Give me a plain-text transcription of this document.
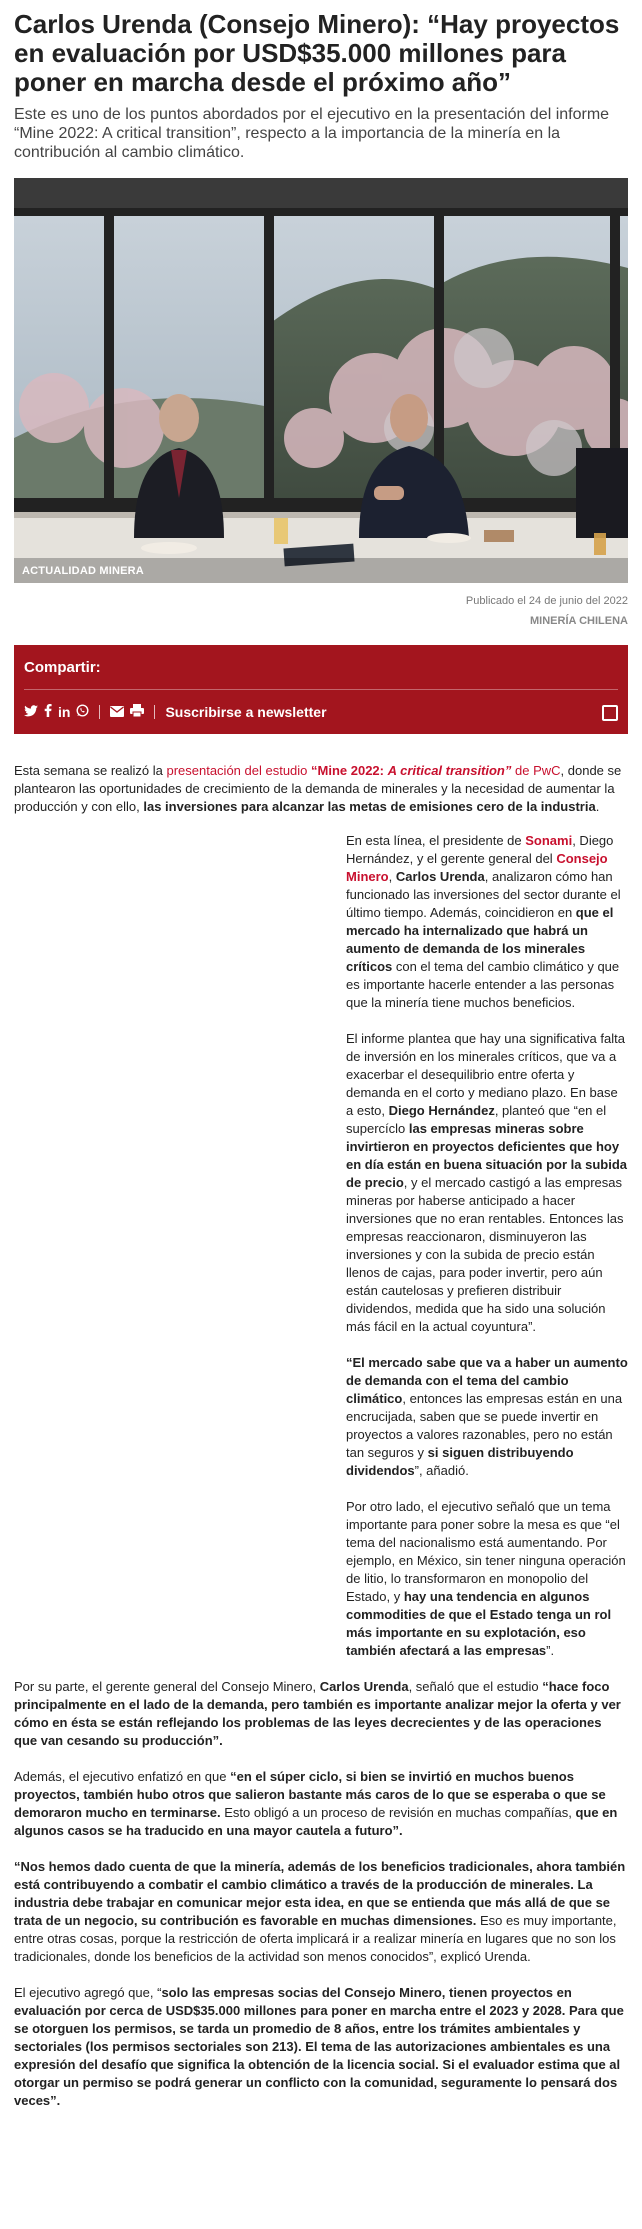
Carlos Urenda (Consejo Minero): “Hay proyectos en evaluación por USD$35.000 millones para poner en marcha desde el próximo año”

Este es uno de los puntos abordados por el ejecutivo en la presentación del informe “Mine 2022: A critical transition”, respecto a la importancia de la minería en la contribución al cambio climático.

ACTUALIDAD MINERA
Publicado el 24 de junio del 2022
MINERÍA CHILENA
Compartir:
in	Suscribirse a newsletter

Esta semana se realizó la presentación del estudio “Mine 2022: A critical transition” de PwC, donde se plantearon las oportunidades de crecimiento de la demanda de minerales y la necesidad de aumentar la producción y con ello, las inversiones para alcanzar las metas de emisiones cero de la industria.

En esta línea, el presidente de Sonami, Diego Hernández, y el gerente general del Consejo Minero, Carlos Urenda, analizaron cómo han funcionado las inversiones del sector durante el último tiempo. Además, coincidieron en que el mercado ha internalizado que habrá un aumento de demanda de los minerales críticos con el tema del cambio climático y que es importante hacerle entender a las personas que la minería tiene muchos beneficios.

El informe plantea que hay una significativa falta de inversión en los minerales críticos, que va a exacerbar el desequilibrio entre oferta y demanda en el corto y mediano plazo. En base a esto, Diego Hernández, planteó que “en el supercíclo las empresas mineras sobre invirtieron en proyectos deficientes que hoy en día están en buena situación por la subida de precio, y el mercado castigó a las empresas mineras por haberse anticipado a hacer inversiones que no eran rentables. Entonces las empresas reaccionaron, disminuyeron las inversiones y con la subida de precio están llenos de cajas, para poder invertir, pero aún están cautelosas y prefieren distribuir dividendos, medida que ha sido una solución más fácil en la actual coyuntura”.

“El mercado sabe que va a haber un aumento de demanda con el tema del cambio climático, entonces las empresas están en una encrucijada, saben que se puede invertir en proyectos a valores razonables, pero no están tan seguros y si siguen distribuyendo dividendos”, añadió.

Por otro lado, el ejecutivo señaló que un tema importante para poner sobre la mesa es que “el tema del nacionalismo está aumentando. Por ejemplo, en México, sin tener ninguna operación de litio, lo transformaron en monopolio del Estado, y hay una tendencia en algunos commodities de que el Estado tenga un rol más importante en su explotación, eso también afectará a las empresas”.

Por su parte, el gerente general del Consejo Minero, Carlos Urenda, señaló que el estudio “hace foco principalmente en el lado de la demanda, pero también es importante analizar mejor la oferta y ver cómo en ésta se están reflejando los problemas de las leyes decrecientes y de las operaciones que van cesando su producción”.

Además, el ejecutivo enfatizó en que “en el súper ciclo, si bien se invirtió en muchos buenos proyectos, también hubo otros que salieron bastante más caros de lo que se esperaba o que se demoraron mucho en terminarse. Esto obligó a un proceso de revisión en muchas compañías, que en algunos casos se ha traducido en una mayor cautela a futuro”.

“Nos hemos dado cuenta de que la minería, además de los beneficios tradicionales, ahora también está contribuyendo a combatir el cambio climático a través de la producción de minerales. La industria debe trabajar en comunicar mejor esta idea, en que se entienda que más allá de que se trata de un negocio, su contribución es favorable en muchas dimensiones. Eso es muy importante, entre otras cosas, porque la restricción de oferta implicará ir a realizar minería en lugares que no son los tradicionales, donde los beneficios de la actividad son menos conocidos”, explicó Urenda.

El ejecutivo agregó que, “solo las empresas socias del Consejo Minero, tienen proyectos en evaluación por cerca de USD$35.000 millones para poner en marcha entre el 2023 y 2028. Para que se otorguen los permisos, se tarda un promedio de 8 años, entre los trámites ambientales y sectoriales (los permisos sectoriales son 213). El tema de las autorizaciones ambientales es una expresión del desafío que significa la obtención de la licencia social. Si el evaluador estima que al otorgar un permiso se podrá generar un conflicto con la comunidad, seguramente lo pensará dos veces”.
